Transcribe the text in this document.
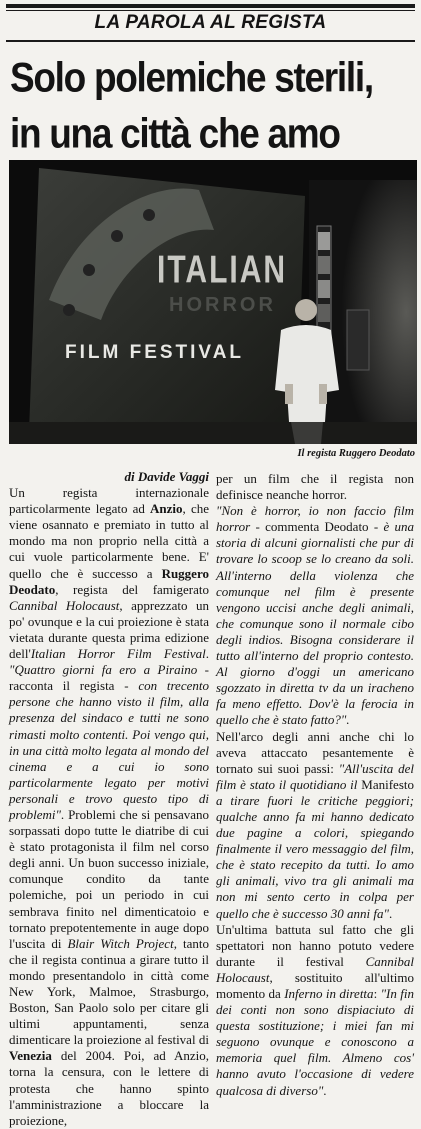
LA PAROLA AL REGISTA
Solo polemiche sterili,
in una città che amo
ITALIAN
HORROR
FILM FESTIVAL
Il regista Ruggero Deodato

di Davide Vaggi

Un regista internazionale particolarmente legato ad Anzio, che viene osannato e premiato in tutto al mondo ma non proprio nella città a cui vuole particolarmente bene. E' quello che è successo a Ruggero Deodato, regista del famigerato Cannibal Holocaust, apprezzato un po' ovunque e la cui proiezione è stata vietata durante questa prima edizione dell'Italian Horror Film Festival. "Quattro giorni fa ero a Piraino - racconta il regista - con trecento persone che hanno visto il film, alla presenza del sindaco e tutti ne sono rimasti molto contenti. Poi vengo qui, in una città molto legata al mondo del cinema e a cui io sono particolarmente legato per motivi personali e trovo questo tipo di problemi". Problemi che si pensavano sorpassati dopo tutte le diatribe di cui è stato protagonista il film nel corso degli anni. Un buon successo iniziale, comunque condito da tante polemiche, poi un periodo in cui sembrava finito nel dimenticatoio e tornato prepotentemente in auge dopo l'uscita di Blair Witch Project, tanto che il regista continua a girare tutto il mondo presentandolo in città come New York, Malmoe, Strasburgo, Boston, San Paolo solo per citare gli ultimi appuntamenti, senza dimenticare la proiezione al festival di Venezia del 2004. Poi, ad Anzio, torna la censura, con le lettere di protesta che hanno spinto l'amministrazione a bloccare la proiezione,

per un film che il regista non definisce neanche horror.

"Non è horror, io non faccio film horror - commenta Deodato - è una storia di alcuni giornalisti che pur di trovare lo scoop se lo creano da soli. All'interno della violenza che comunque nel film è presente vengono uccisi anche degli animali, che comunque sono il normale cibo degli indios. Bisogna considerare il tutto all'interno del proprio contesto. Al giorno d'oggi un americano sgozzato in diretta tv da un iracheno fa meno effetto. Dov'è la ferocia in quello che è stato fatto?".

Nell'arco degli anni anche chi lo aveva attaccato pesantemente è tornato sui suoi passi: "All'uscita del film è stato il quotidiano il Manifesto a tirare fuori le critiche peggiori; qualche anno fa mi hanno dedicato due pagine a colori, spiegando finalmente il vero messaggio del film, che è stato recepito da tutti. Io amo gli animali, vivo tra gli animali ma non mi sento certo in colpa per quello che è successo 30 anni fa".

Un'ultima battuta sul fatto che gli spettatori non hanno potuto vedere durante il festival Cannibal Holocaust, sostituito all'ultimo momento da Inferno in diretta: "In fin dei conti non sono dispiaciuto di questa sostituzione; i miei fan mi seguono ovunque e conoscono a memoria quel film. Almeno cos' hanno avuto l'occasione di vedere qualcosa di diverso".
